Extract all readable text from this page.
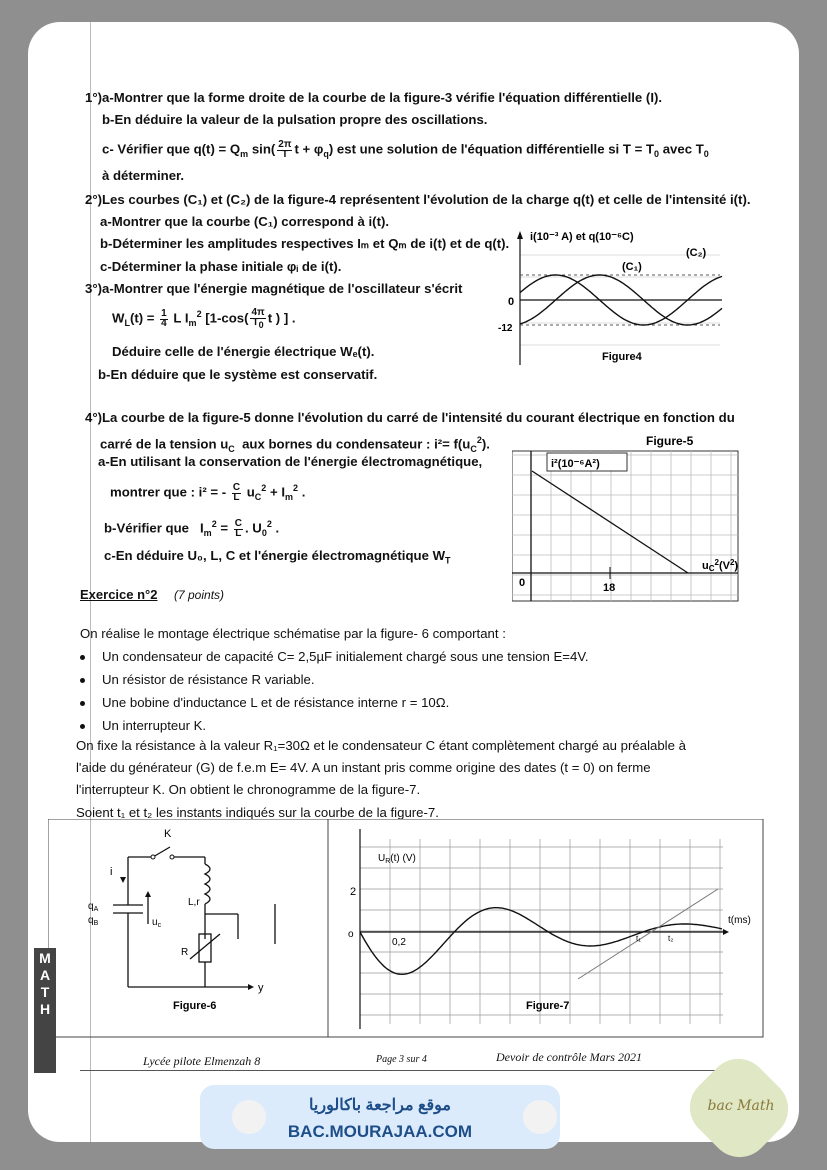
1°)a-Montrer que la forme droite de la courbe de la figure-3 vérifie l'équation différentielle (I).
b-En déduire la valeur de la pulsation propre des oscillations.
c- Vérifier que $q(t) = Q_m$ sin( 2π
T $t + \varphi_q$) est une solution de l'équation différentielle si $T = T_0$ avec $T_0$
à déterminer.
2°)Les courbes (C₁) et (C₂) de la figure-4 représentent l'évolution de la charge q(t) et celle de l'intensité i(t).
a-Montrer que la courbe (C₁) correspond à i(t).
b-Déterminer les amplitudes respectives Iₘ et Qₘ de i(t) et de q(t).
c-Déterminer la phase initiale φᵢ de i(t).
3°)a-Montrer que l'énergie magnétique de l'oscillateur s'écrit
$W_L(t) = 1$
4 L $I_m^2$ [1-cos( 4π
$T_0$ t ) ] .
Déduire celle de l'énergie électrique Wₑ(t).
b-En déduire que le système est conservatif.
i(10⁻³ A) et q(10⁻⁶C)
(C₁)
(C₂)
0
-12
Figure4
4°)La courbe de la figure-5 donne l'évolution du carré de l'intensité du courant électrique en fonction du
carré de la tension $u_C$ aux bornes du condensateur : $i^2= f(u_C^2)$.
a-En utilisant la conservation de l'énergie électromagnétique,
montrer que : i² = - C
L $u_C^2 + I_m^2$ .
b-Vérifier que   $I_m^2 = C$
L . $U_0^2$ .
c-En déduire U₀, L, C et l'énergie électromagnétique $W_T$
i²(10⁻⁶A²)
Figure-5
$uC^2(V^2)$
0	18
Exercice n°2 (7 points)
On réalise le montage électrique schématise par la figure- 6 comportant :
Un condensateur de capacité C= 2,5µF initialement chargé sous une tension E=4V.
Un résistor de résistance R variable.
Une bobine d'inductance L et de résistance interne r = 10Ω.
Un interrupteur K.
On fixe la résistance à la valeur R₁=30Ω et le condensateur C étant complètement chargé au préalable à
l'aide du générateur (G) de f.e.m E= 4V. A un instant pris comme origine des dates (t = 0) on ferme
l'interrupteur K. On obtient le chronogramme de la figure-7.
Soient t₁ et t₂ les instants indiqués sur la courbe de la figure-7.
K
i
$q_A$
$q_B$	$u_c$
L,r
R
y
Figure-6
$U_R(t)$ (V)
2
o
0,2
t(ms)
t₁	t₂
Figure-7
Lycée pilote Elmenzah 8	Page 3 sur 4	Devoir de contrôle Mars 2021
M
A
T
H
موقع مراجعة باكالوريا
BAC.MOURAJAA.COM
bac Math
